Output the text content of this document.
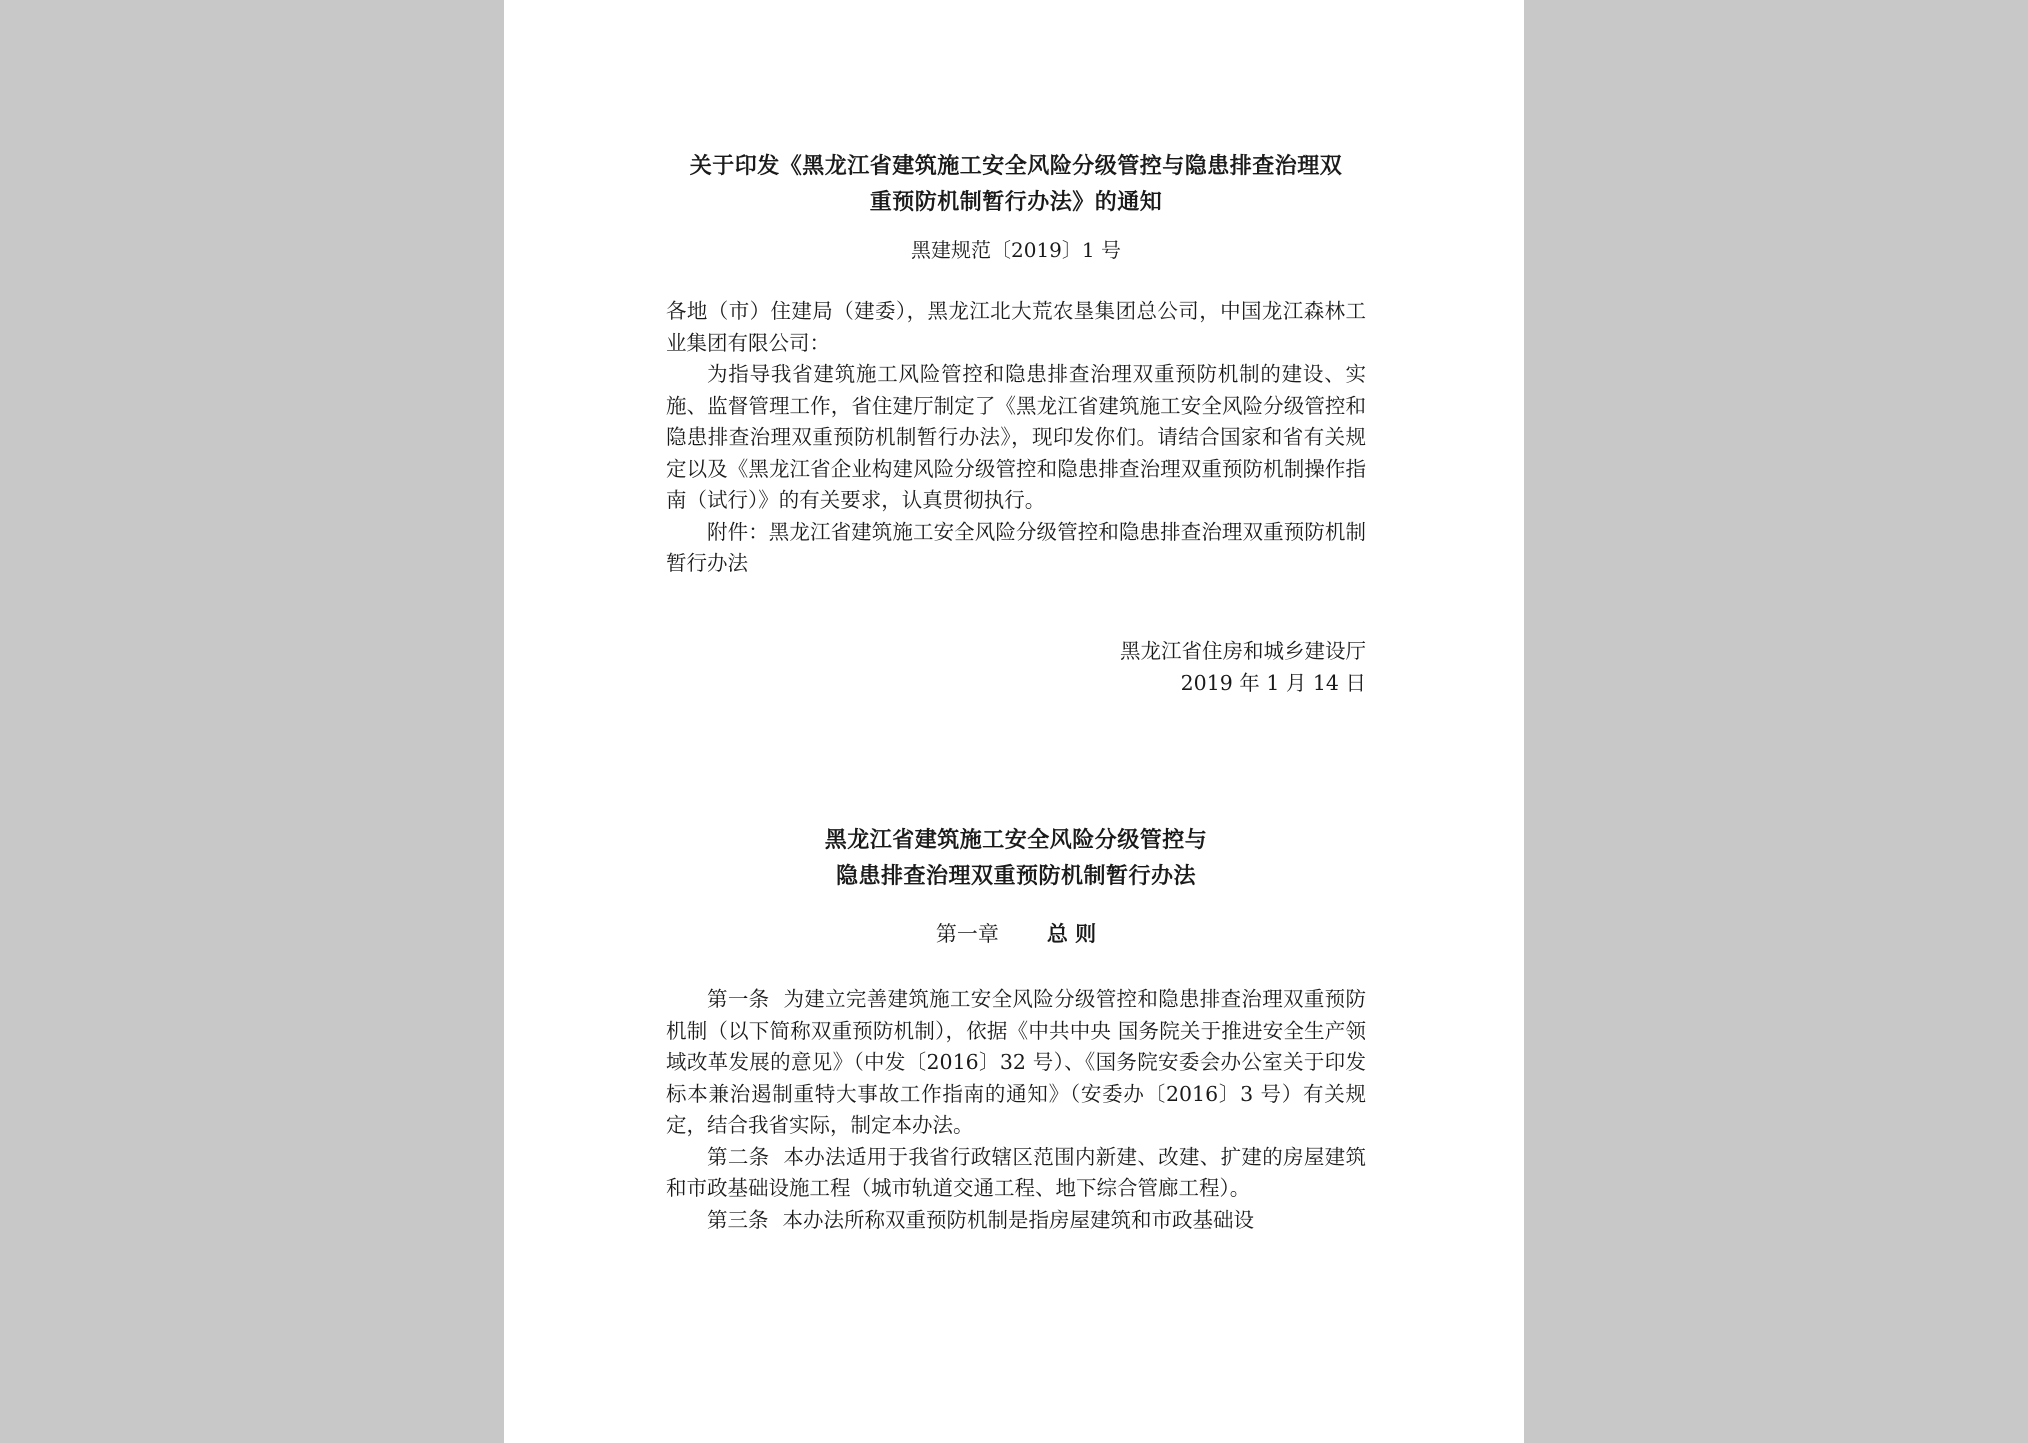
关于印发《黑龙江省建筑施工安全风险分级管控与隐患排查治理双

重预防机制暂行办法》的通知

黑建规范〔2019〕1 号

各地（市）住建局（建委），黑龙江北大荒农垦集团总公司，中国龙江森林工业集团有限公司：

为指导我省建筑施工风险管控和隐患排查治理双重预防机制的建设、实施、监督管理工作，省住建厅制定了《黑龙江省建筑施工安全风险分级管控和隐患排查治理双重预防机制暂行办法》，现印发你们。请结合国家和省有关规定以及《黑龙江省企业构建风险分级管控和隐患排查治理双重预防机制操作指南（试行）》的有关要求，认真贯彻执行。

附件：黑龙江省建筑施工安全风险分级管控和隐患排查治理双重预防机制暂行办法

黑龙江省住房和城乡建设厅

2019 年 1 月 14 日

黑龙江省建筑施工安全风险分级管控与

隐患排查治理双重预防机制暂行办法

第一章 总 则

第一条 为建立完善建筑施工安全风险分级管控和隐患排查治理双重预防机制（以下简称双重预防机制），依据《中共中央 国务院关于推进安全生产领域改革发展的意见》（中发〔2016〕32 号）、《国务院安委会办公室关于印发标本兼治遏制重特大事故工作指南的通知》（安委办〔2016〕3 号）有关规定，结合我省实际，制定本办法。

第二条 本办法适用于我省行政辖区范围内新建、改建、扩建的房屋建筑和市政基础设施工程（城市轨道交通工程、地下综合管廊工程）。

第三条 本办法所称双重预防机制是指房屋建筑和市政基础设
